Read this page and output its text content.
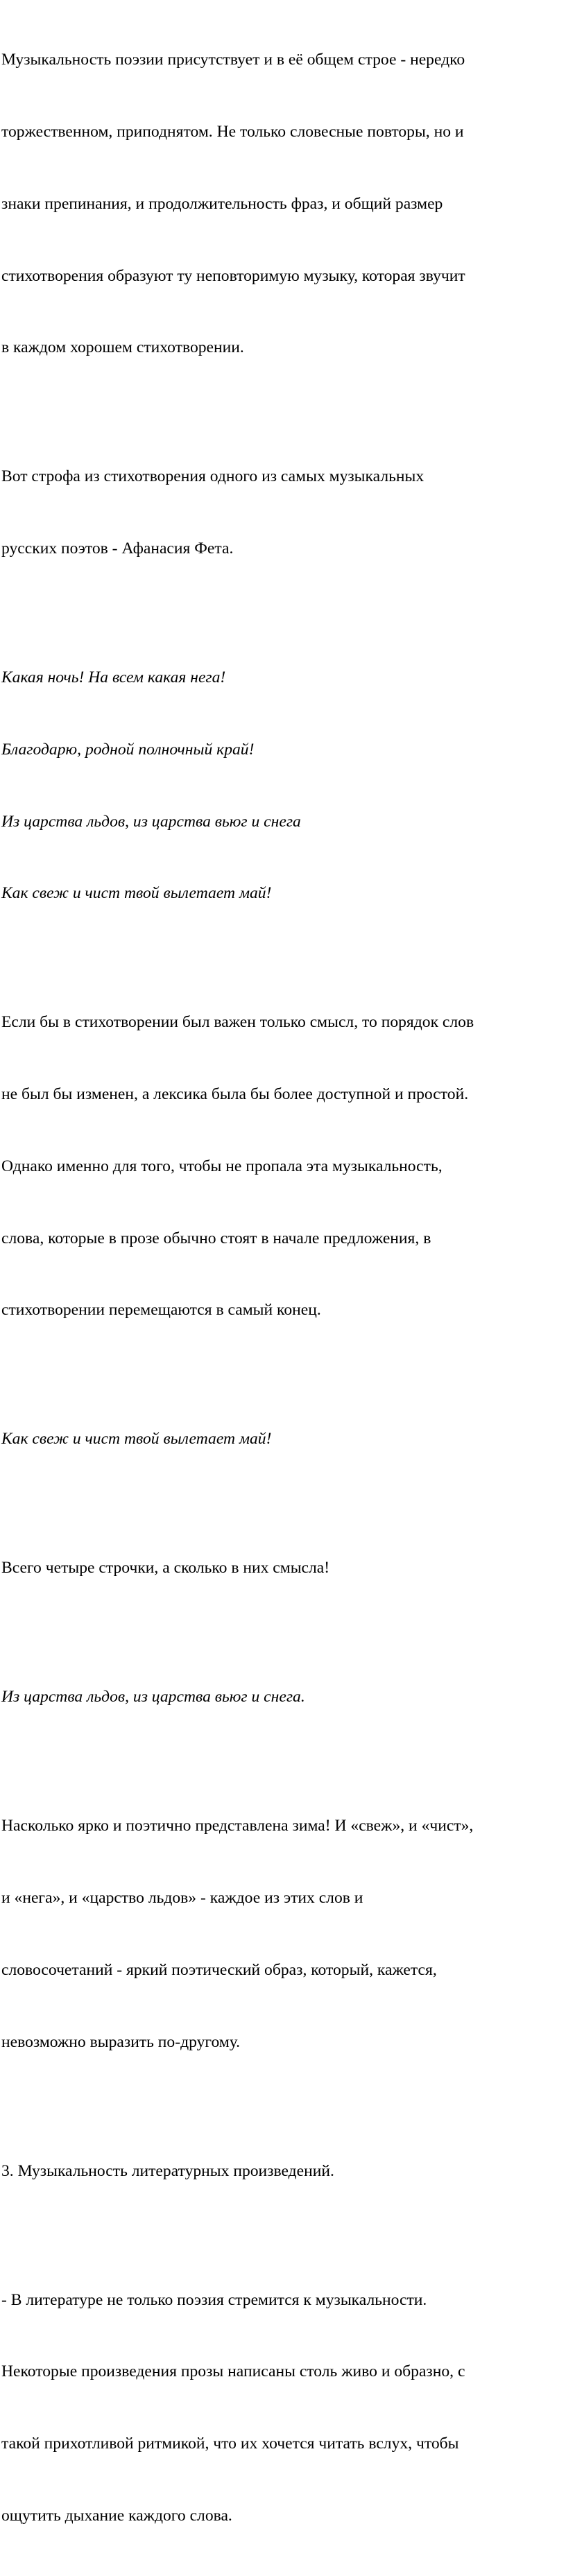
Музыкальность поэзии присутствует и в её общем строе - нередко

торжественном, приподнятом. Не только словесные повторы, но и

знаки препинания, и продолжительность фраз, и общий размер

стихотворения образуют ту неповторимую музыку, которая звучит

в каждом хорошем стихотворении.

Вот строфа из стихотворения одного из самых музыкальных

русских поэтов - Афанасия Фета.

Какая ночь! На всем какая нега!

Благодарю, родной полночный край!

Из царства льдов, из царства вьюг и снега

Как свеж и чист твой вылетает май!

Если бы в стихотворении был важен только смысл, то порядок слов

не был бы изменен, а лексика была бы более доступной и простой.

Однако именно для того, чтобы не пропала эта музыкальность,

слова, которые в прозе обычно стоят в начале предложения, в

стихотворении перемещаются в самый конец.

Как свеж и чист твой вылетает май!

Всего четыре строчки, а сколько в них смысла!

Из царства льдов, из царства вьюг и снега.

Насколько ярко и поэтично представлена зима! И «свеж», и «чист»,

и «нега», и «царство льдов» - каждое из этих слов и

словосочетаний - яркий поэтический образ, который, кажется,

невозможно выразить по-другому.

3. Музыкальность литературных произведений.

- В литературе не только поэзия стремится к музыкальности.

Некоторые произведения прозы написаны столь живо и образно, с

такой прихотливой ритмикой, что их хочется читать вслух, чтобы

ощутить дыхание каждого слова.
